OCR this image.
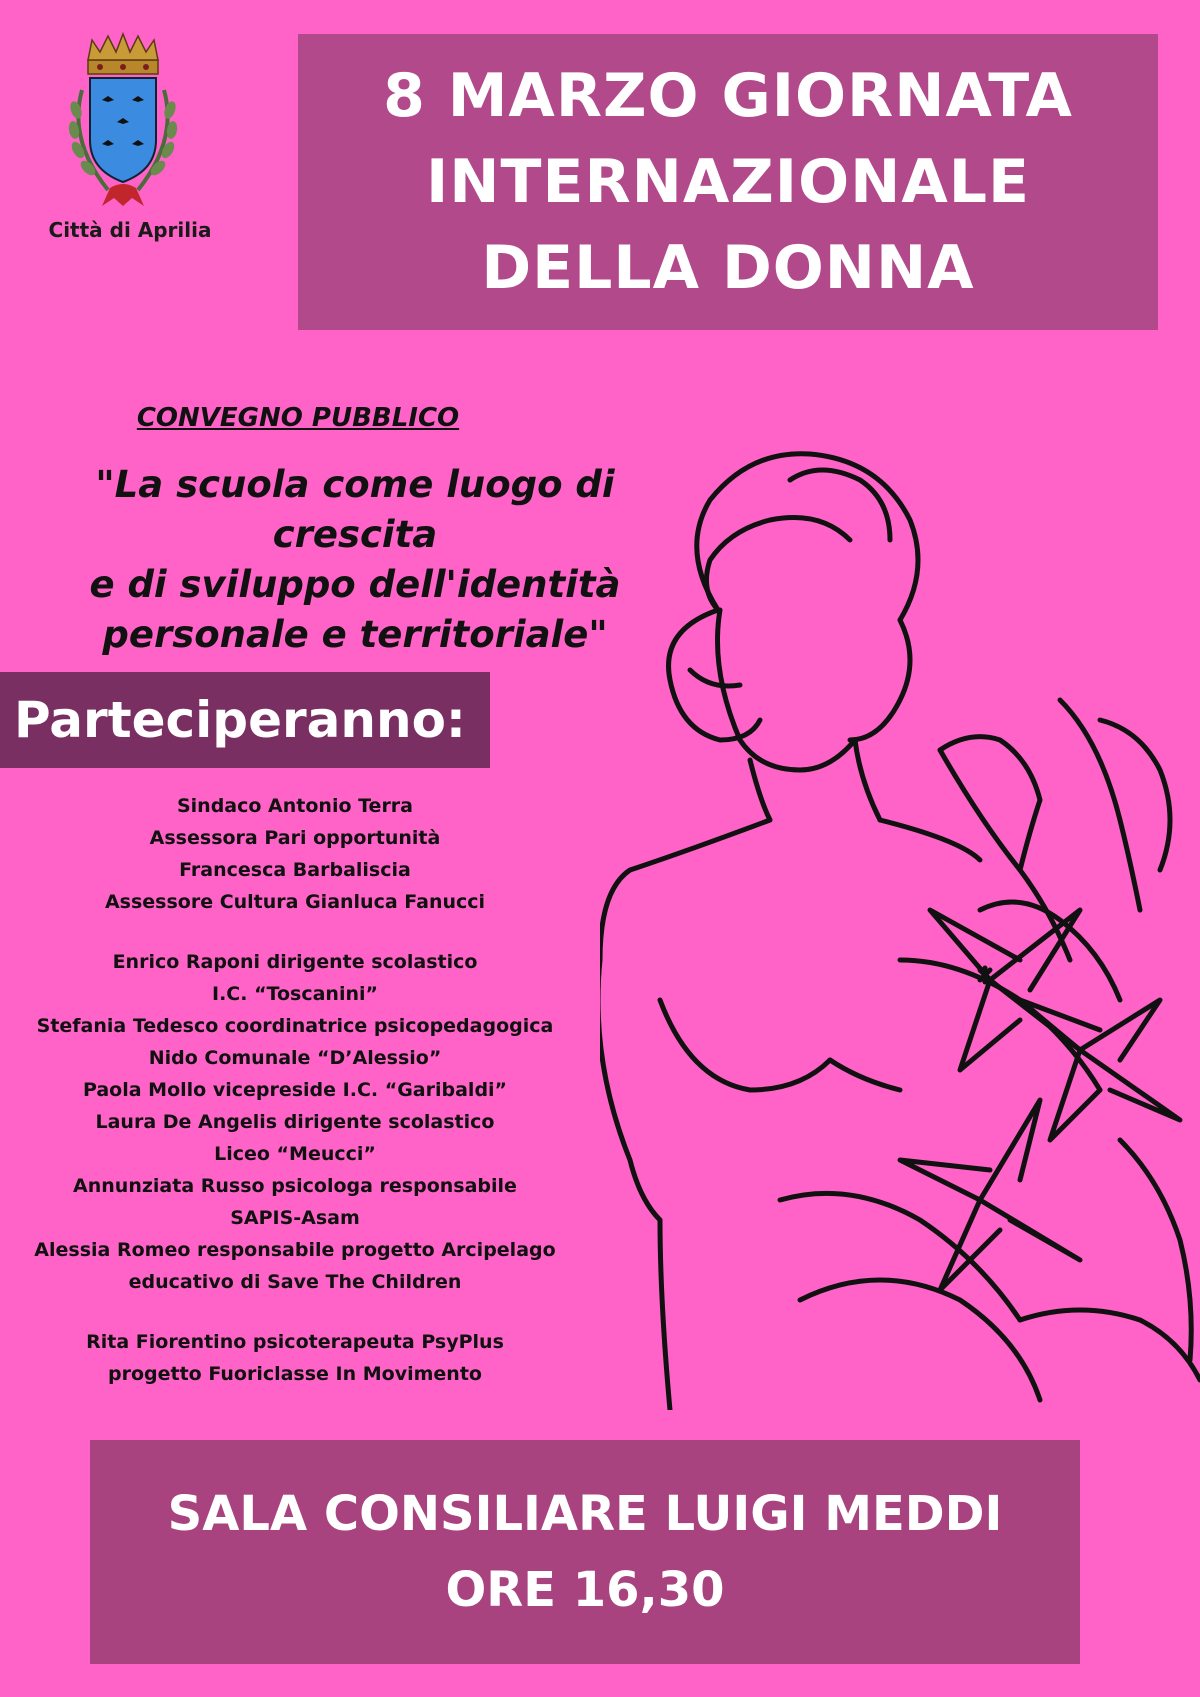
Città di Aprilia
8 MARZO GIORNATA
INTERNAZIONALE
DELLA DONNA
CONVEGNO PUBBLICO
"La scuola come luogo di crescita
e di sviluppo dell'identità
personale e territoriale"
Parteciperanno:
Sindaco Antonio Terra
Assessora Pari opportunità
Francesca Barbaliscia
Assessore Cultura Gianluca Fanucci
Enrico Raponi dirigente scolastico
I.C. “Toscanini”
Stefania Tedesco coordinatrice psicopedagogica
Nido Comunale “D’Alessio”
Paola Mollo vicepreside I.C. “Garibaldi”
Laura De Angelis dirigente scolastico
Liceo “Meucci”
Annunziata Russo psicologa responsabile
SAPIS-Asam
Alessia Romeo responsabile progetto Arcipelago
educativo di Save The Children
Rita Fiorentino psicoterapeuta PsyPlus
progetto Fuoriclasse In Movimento
SALA CONSILIARE LUIGI MEDDI
ORE 16,30
